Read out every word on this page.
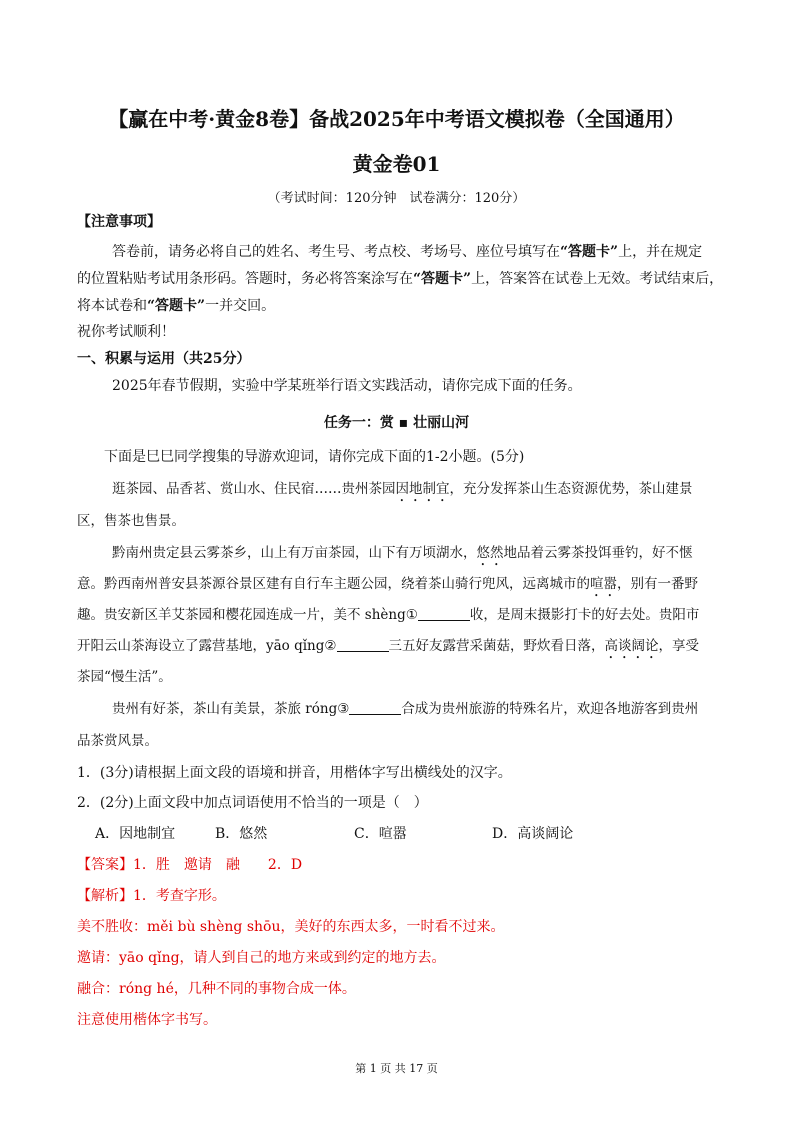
【赢在中考·黄金8卷】备战2025年中考语文模拟卷（全国通用）
黄金卷01
（考试时间：120分钟　试卷满分：120分）
【注意事项】
答卷前，请务必将自己的姓名、考生号、考点校、考场号、座位号填写在“答题卡”上，并在规定
的位置粘贴考试用条形码。答题时，务必将答案涂写在“答题卡”上，答案答在试卷上无效。考试结束后，
将本试卷和“答题卡”一并交回。
祝你考试顺利！
一、积累与运用（共25分）
2025年春节假期，实验中学某班举行语文实践活动，请你完成下面的任务。
任务一：赏 ▪ 壮丽山河
下面是巳巳同学搜集的导游欢迎词，请你完成下面的1-2小题。(5分)
逛茶园、品香茗、赏山水、住民宿……贵州茶园因地制宜，充分发挥茶山生态资源优势，茶山建景
区，售茶也售景。
黔南州贵定县云雾茶乡，山上有万亩茶园，山下有万顷湖水，悠然地品着云雾茶投饵垂钓，好不惬
意。黔西南州普安县茶源谷景区建有自行车主题公园，绕着茶山骑行兜风，远离城市的喧嚣，别有一番野
趣。贵安新区羊艾茶园和樱花园连成一片，美不 shèng①	收，是周末摄影打卡的好去处。贵阳市
开阳云山茶海设立了露营基地，yāo qǐng②	三五好友露营采菌菇，野炊看日落，高谈阔论，享受
茶园“慢生活”。
贵州有好茶，茶山有美景，茶旅 róng③	合成为贵州旅游的特殊名片，欢迎各地游客到贵州
品茶赏风景。
1．(3分)请根据上面文段的语境和拼音，用楷体字写出横线处的汉字。
2．(2分)上面文段中加点词语使用不恰当的一项是（　）
A．因地制宜	B．悠然	C．喧嚣	D．高谈阔论
【答案】1．胜　邀请　融　　2．D
【解析】1．考查字形。
美不胜收：měi bù shèng shōu，美好的东西太多，一时看不过来。
邀请：yāo qǐng，请人到自己的地方来或到约定的地方去。
融合：róng hé，几种不同的事物合成一体。
注意使用楷体字书写。
第 1 页 共 17 页
